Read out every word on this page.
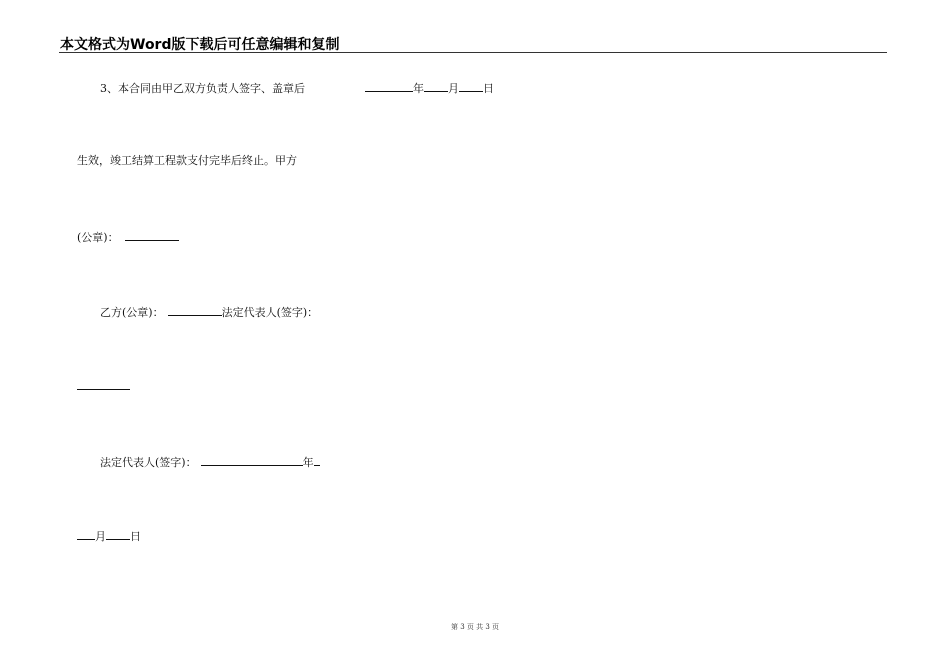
本文格式为Word版下载后可任意编辑和复制
3、本合同由甲乙双方负责人签字、盖章后	年 月 日
生效，竣工结算工程款支付完毕后终止。甲方
(公章)：
乙方(公章)：	法定代表人(签字)：
法定代表人(签字)：	年
月 日
第 3 页 共 3 页
